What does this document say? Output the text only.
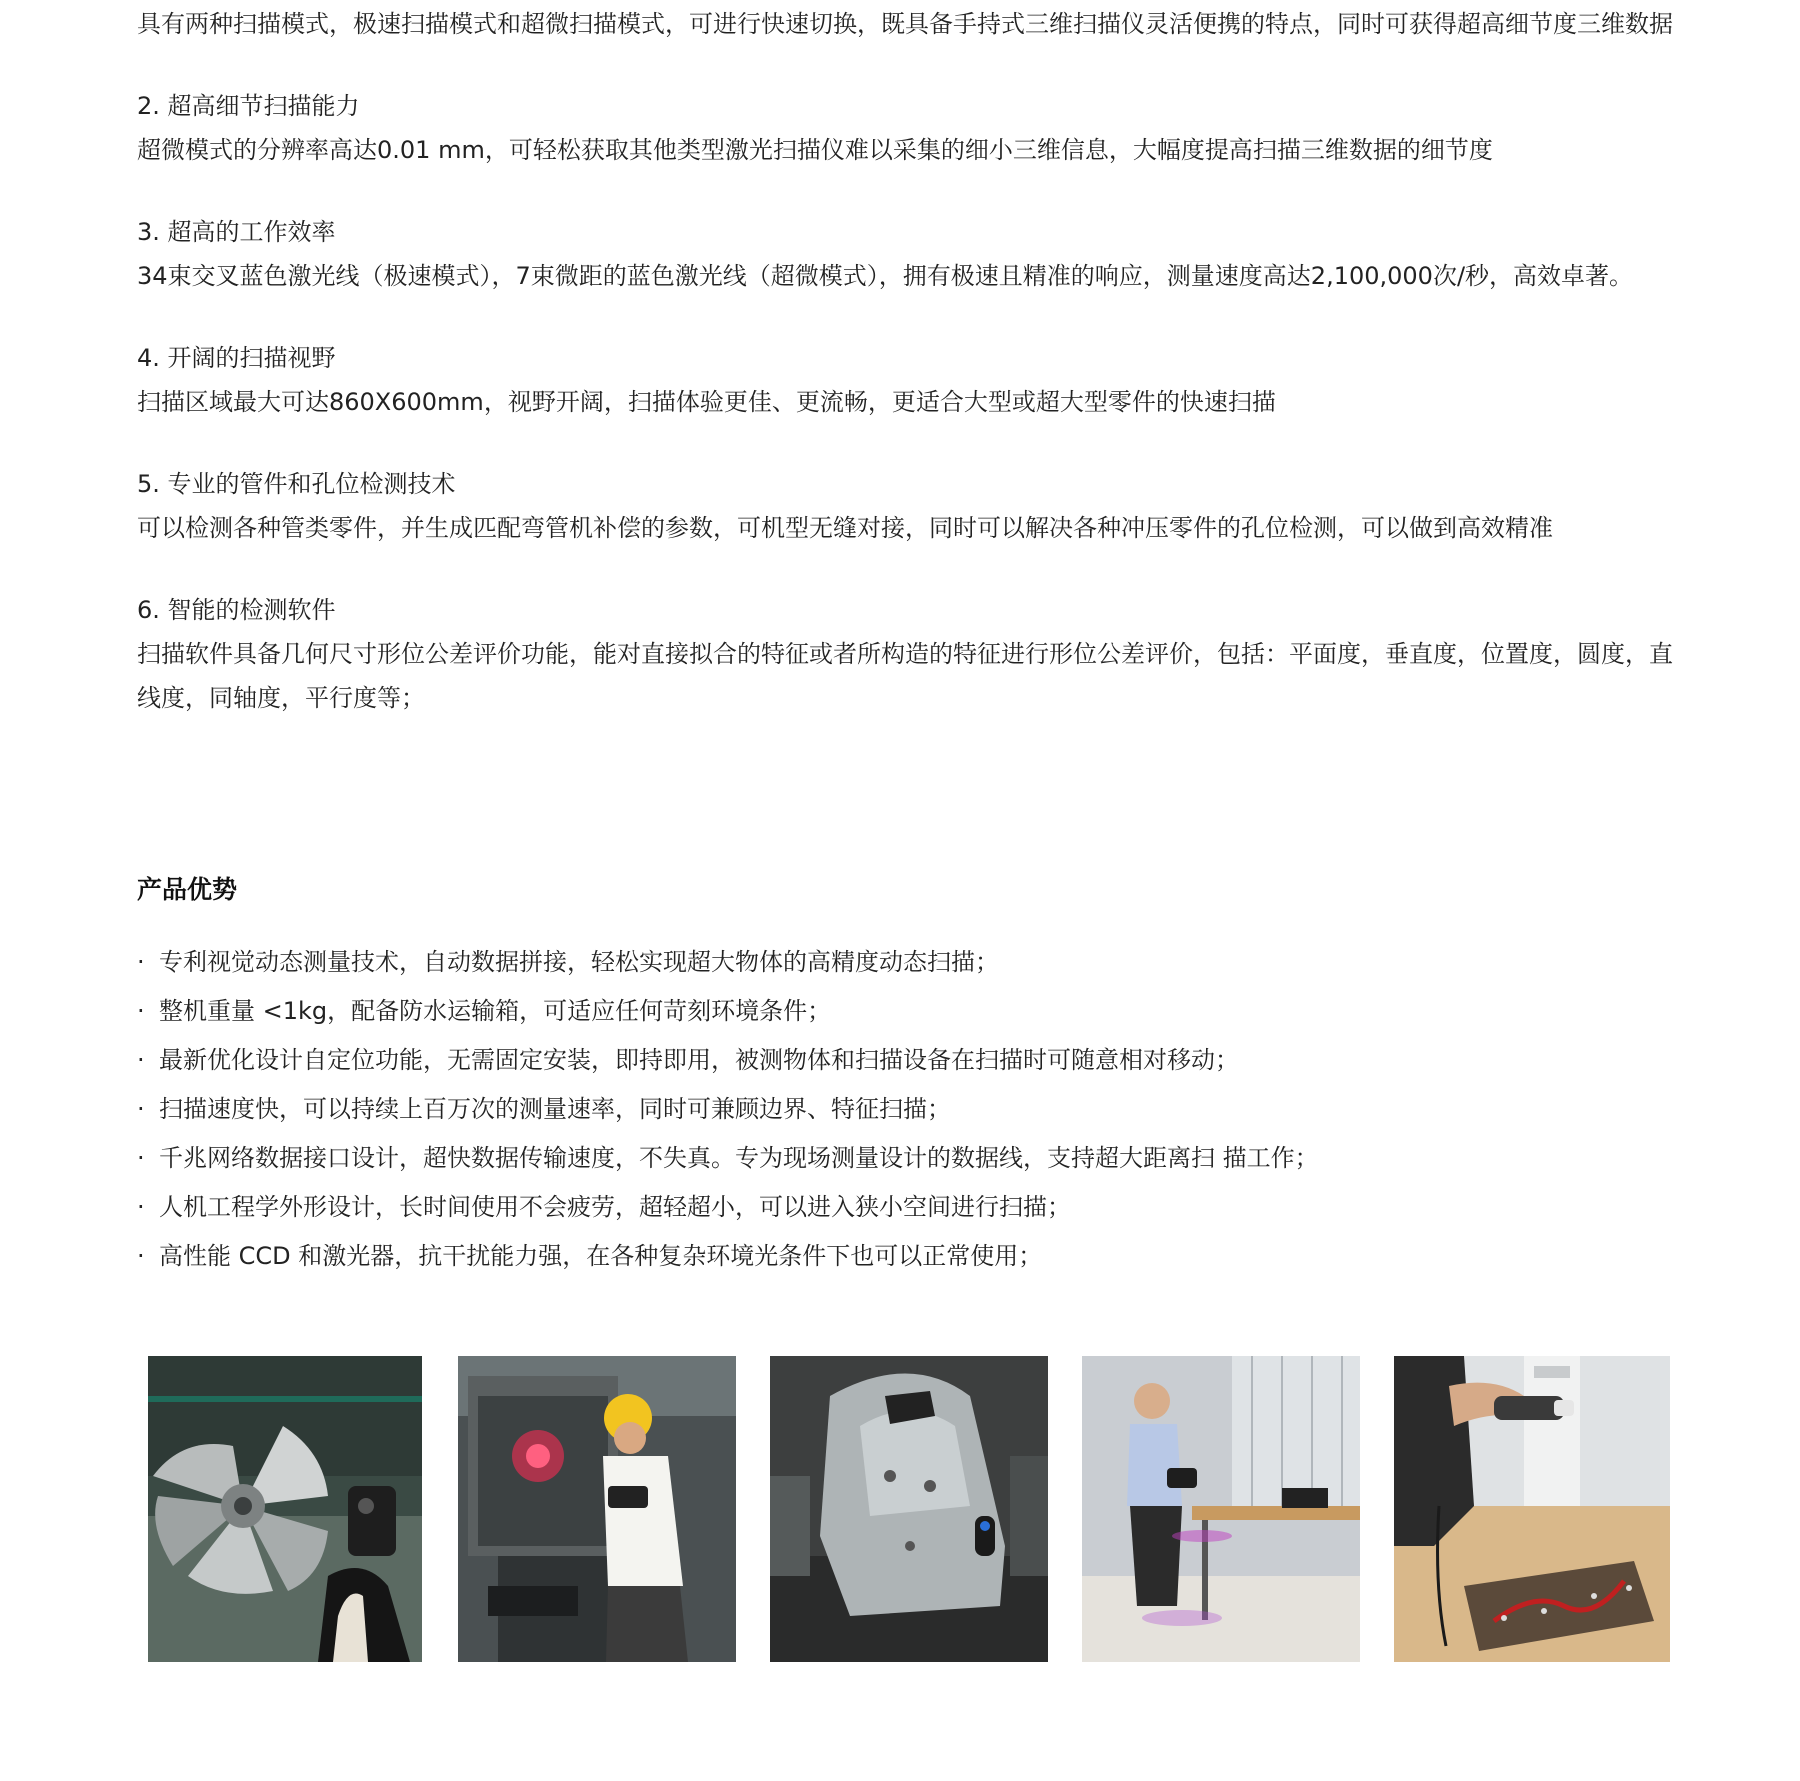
具有两种扫描模式，极速扫描模式和超微扫描模式，可进行快速切换，既具备手持式三维扫描仪灵活便携的特点，同时可获得超高细节度三维数据

2. 超高细节扫描能力
超微模式的分辨率高达0.01 mm，可轻松获取其他类型激光扫描仪难以采集的细小三维信息，大幅度提高扫描三维数据的细节度
3. 超高的工作效率
34束交叉蓝色激光线（极速模式），7束微距的蓝色激光线（超微模式），拥有极速且精准的响应，测量速度高达2,100,000次/秒，高效卓著。
4. 开阔的扫描视野
扫描区域最大可达860X600mm，视野开阔，扫描体验更佳、更流畅，更适合大型或超大型零件的快速扫描
5. 专业的管件和孔位检测技术
可以检测各种管类零件，并生成匹配弯管机补偿的参数，可机型无缝对接，同时可以解决各种冲压零件的孔位检测，可以做到高效精准
6. 智能的检测软件
扫描软件具备几何尺寸形位公差评价功能，能对直接拟合的特征或者所构造的特征进行形位公差评价，包括：平面度，垂直度，位置度，圆度，直线度，同轴度，平行度等；
产品优势
· 专利视觉动态测量技术，自动数据拼接，轻松实现超大物体的高精度动态扫描；
· 整机重量 <1kg，配备防水运输箱，可适应任何苛刻环境条件；
· 最新优化设计自定位功能，无需固定安装，即持即用，被测物体和扫描设备在扫描时可随意相对移动；
· 扫描速度快，可以持续上百万次的测量速率，同时可兼顾边界、特征扫描；
· 千兆网络数据接口设计，超快数据传输速度，不失真。专为现场测量设计的数据线，支持超大距离扫 描工作；
· 人机工程学外形设计，长时间使用不会疲劳，超轻超小，可以进入狭小空间进行扫描；
· 高性能 CCD 和激光器，抗干扰能力强，在各种复杂环境光条件下也可以正常使用；
